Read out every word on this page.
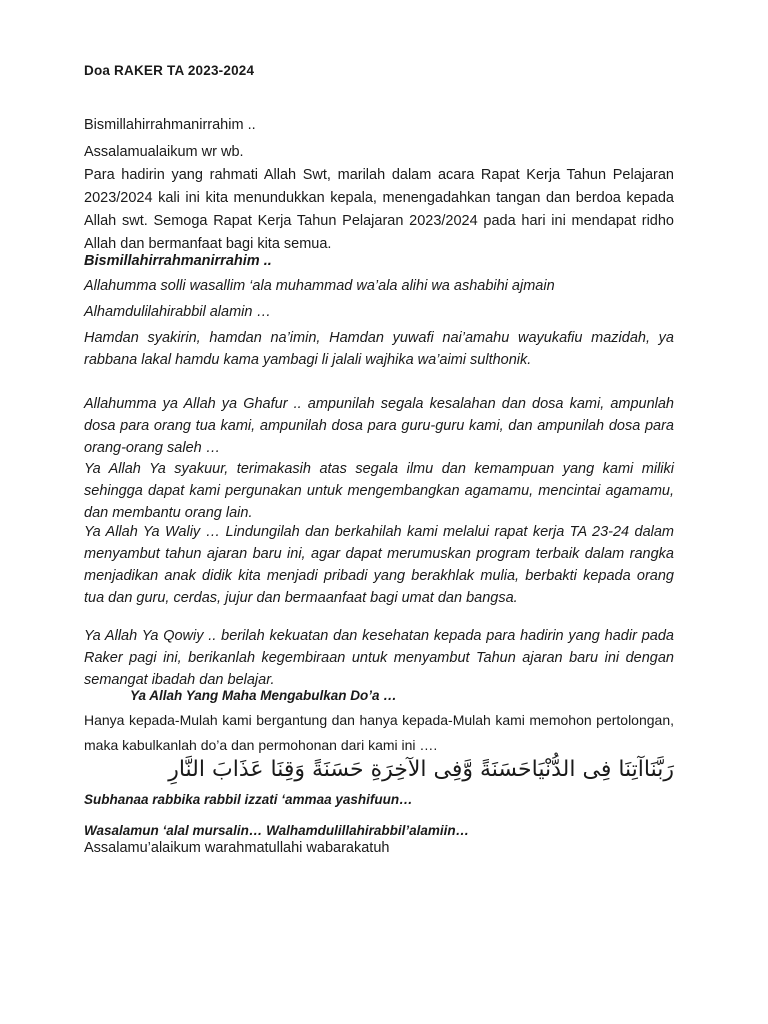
Doa RAKER TA 2023-2024
Bismillahirrahmanirrahim ..
Assalamualaikum wr wb.
Para hadirin yang rahmati Allah Swt, marilah dalam acara Rapat Kerja Tahun Pelajaran 2023/2024 kali ini kita menundukkan kepala, menengadahkan tangan dan berdoa kepada Allah swt. Semoga Rapat Kerja Tahun Pelajaran 2023/2024 pada hari ini mendapat ridho Allah dan bermanfaat bagi kita semua.
Bismillahirrahmanirrahim ..
Allahumma solli wasallim ‘ala muhammad wa’ala alihi wa ashabihi ajmain
Alhamdulilahirabbil alamin …
Hamdan syakirin, hamdan na’imin, Hamdan yuwafi nai’amahu wayukafiu mazidah, ya rabbana lakal hamdu kama yambagi li jalali wajhika wa’aimi sulthonik.
Allahumma ya Allah ya Ghafur .. ampunilah segala kesalahan dan dosa kami, ampunlah dosa para orang tua kami, ampunilah dosa para guru-guru kami, dan ampunilah dosa para orang-orang saleh …
Ya Allah Ya syakuur, terimakasih atas segala ilmu dan kemampuan yang kami miliki sehingga dapat kami pergunakan untuk mengembangkan agamamu, mencintai agamamu, dan membantu orang lain.
Ya Allah Ya Waliy … Lindungilah dan berkahilah kami melalui rapat kerja TA 23-24 dalam menyambut tahun ajaran baru ini, agar dapat merumuskan program terbaik dalam rangka menjadikan anak didik kita menjadi pribadi yang berakhlak mulia, berbakti kepada orang tua dan guru, cerdas, jujur dan bermaanfaat bagi umat dan bangsa.
Ya Allah Ya Qowiy .. berilah kekuatan dan kesehatan kepada para hadirin yang hadir pada Raker pagi ini, berikanlah kegembiraan untuk menyambut Tahun ajaran baru ini dengan semangat ibadah dan belajar.
Ya Allah Yang Maha Mengabulkan Do’a …
Hanya kepada-Mulah kami bergantung dan hanya kepada-Mulah kami memohon pertolongan, maka kabulkanlah do’a dan permohonan dari kami ini ….
رَبَّنَاآتِنَا فِى الدُّنْيَاحَسَنَةً وَّفِى الآخِرَةِ حَسَنَةً وَقِنَا عَذَابَ النَّارِ
Subhanaa rabbika rabbil izzati ‘ammaa yashifuun…
Wasalamun ‘alal mursalin… Walhamdulillahirabbil’alamiin…
Assalamu’alaikum warahmatullahi wabarakatuh
